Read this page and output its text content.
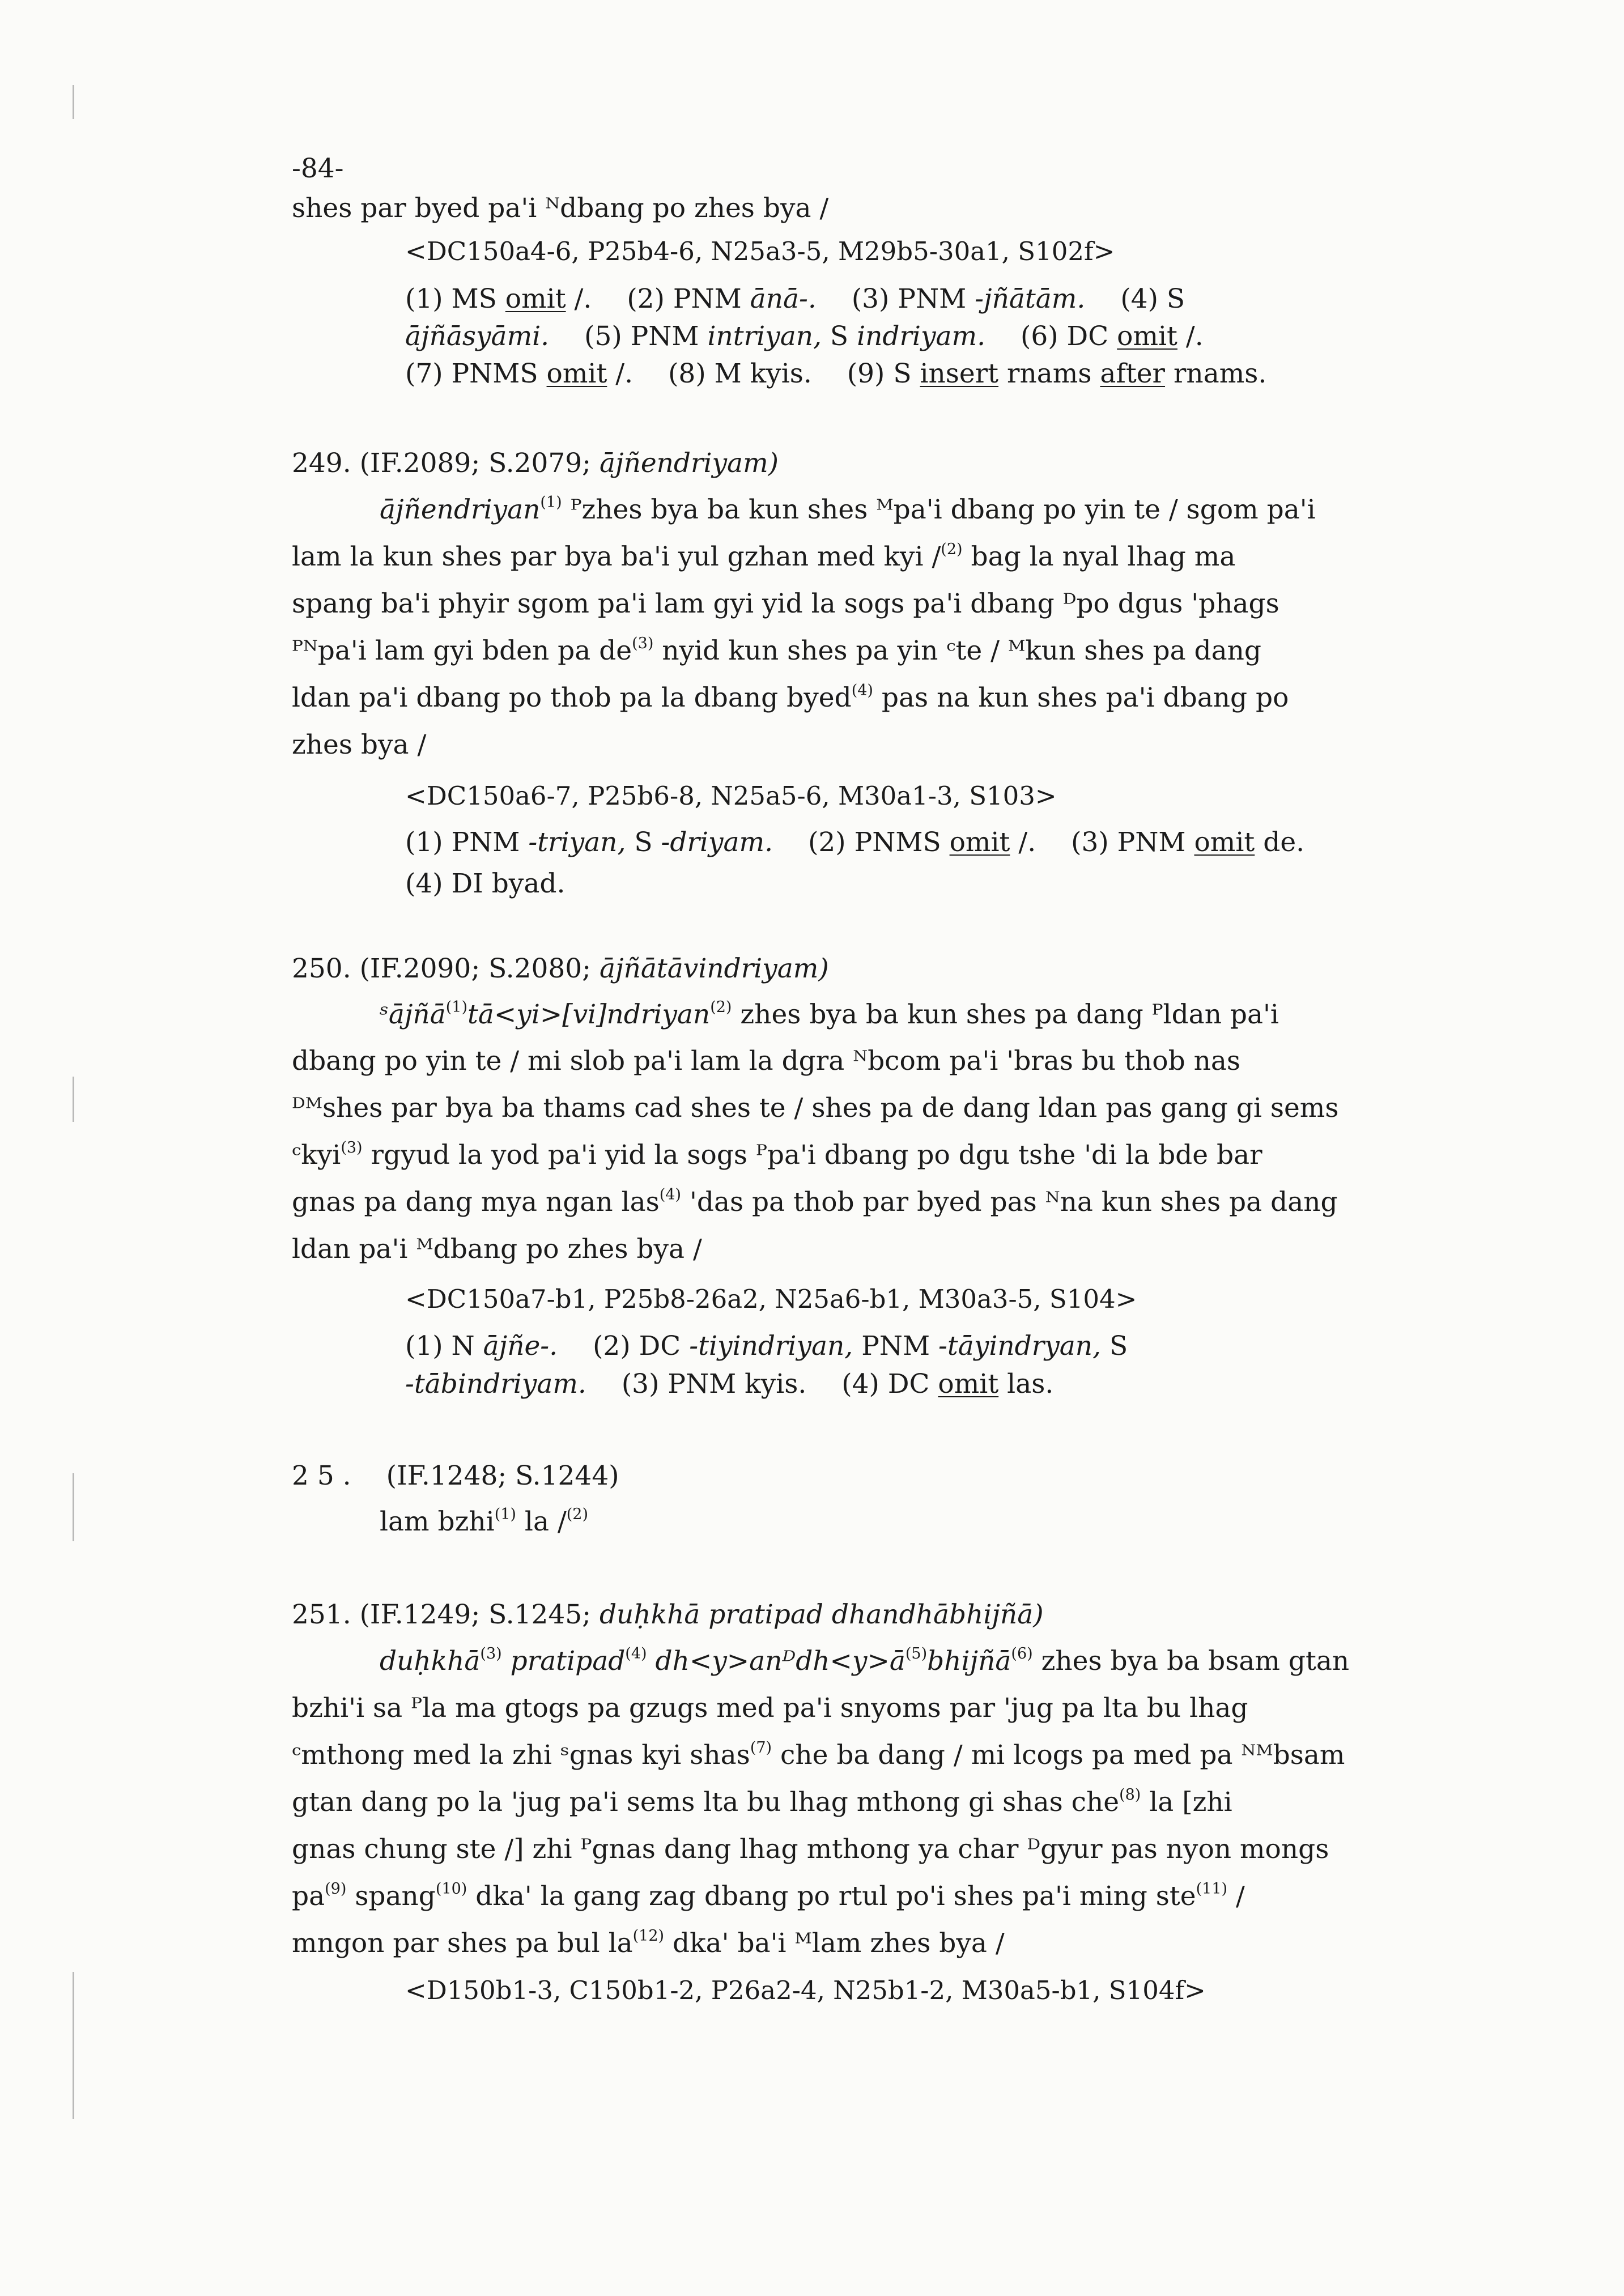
-84-
shes par byed pa'i ᴺdbang po zhes bya /
<DC150a4-6, P25b4-6, N25a3-5, M29b5-30a1, S102f>
(1) MS omit /. (2) PNM ānā-. (3) PNM -jñātām. (4) S
ājñāsyāmi. (5) PNM intriyan, S indriyam. (6) DC omit /.
(7) PNMS omit /. (8) M kyis. (9) S insert rnams after rnams.
249. (IF.2089; S.2079; ājñendriyam)
ājñendriyan$^{(1)}$ ᴾzhes bya ba kun shes ᴹpa'i dbang po yin te / sgom pa'i
lam la kun shes par bya ba'i yul gzhan med kyi /$^{(2)}$ bag la nyal lhag ma
spang ba'i phyir sgom pa'i lam gyi yid la sogs pa'i dbang ᴰpo dgus 'phags
ᴾᴺpa'i lam gyi bden pa $de^{(3)}$ nyid kun shes pa yin ᶜte / ᴹkun shes pa dang
ldan pa'i dbang po thob pa la dbang byed$^{(4)}$ pas na kun shes pa'i dbang po
zhes bya /
<DC150a6-7, P25b6-8, N25a5-6, M30a1-3, S103>
(1) PNM -triyan, S -driyam. (2) PNMS omit /. (3) PNM omit de.
(4) DI byad.
250. (IF.2090; S.2080; ājñātāvindriyam)
ˢājñā$^{(1)}$tā<yi>[vi]ndriyan$^{(2)}$ zhes bya ba kun shes pa dang ᴾldan pa'i
dbang po yin te / mi slob pa'i lam la dgra ᴺbcom pa'i 'bras bu thob nas
ᴰᴹshes par bya ba thams cad shes te / shes pa de dang ldan pas gang gi sems
ᶜkyi$^{(3)}$ rgyud la yod pa'i yid la sogs ᴾpa'i dbang po dgu tshe 'di la bde bar
gnas pa dang mya ngan las$^{(4)}$ 'das pa thob par byed pas ᴺna kun shes pa dang
ldan pa'i ᴹdbang po zhes bya /
<DC150a7-b1, P25b8-26a2, N25a6-b1, M30a3-5, S104>
(1) N ājñe-. (2) DC -tiyindriyan, PNM -tāyindryan, S
-tābindriyam. (3) PNM kyis. (4) DC omit las.
2 5 . (IF.1248; S.1244)
lam bzhi$^{(1)}$ la /$^{(2)}$
251. (IF.1249; S.1245; duḥkhā pratipad dhandhābhijñā)
duḥkhā$^{(3)}$ pratipad$^{(4)}$ $dh<y>anᴰdh<y>ā^{(5)}bhijñā^{(6)}$ zhes bya ba bsam gtan
bzhi'i sa ᴾla ma gtogs pa gzugs med pa'i snyoms par 'jug pa lta bu lhag
ᶜmthong med la zhi ˢgnas kyi shas$^{(7)}$ che ba dang / mi lcogs pa med pa ᴺᴹbsam
gtan dang po la 'jug pa'i sems lta bu lhag mthong gi shas che$^{(8)}$ la [zhi
gnas chung ste /] zhi ᴾgnas dang lhag mthong ya char ᴰgyur pas nyon mongs
$pa^{(9)}$ spang$^{(10)}$ dka' la gang zag dbang po rtul po'i shes pa'i ming ste$^{(11)}$ /
mngon par shes pa bul $la^{(12)}$ dka' ba'i ᴹlam zhes bya /
<D150b1-3, C150b1-2, P26a2-4, N25b1-2, M30a5-b1, S104f>
